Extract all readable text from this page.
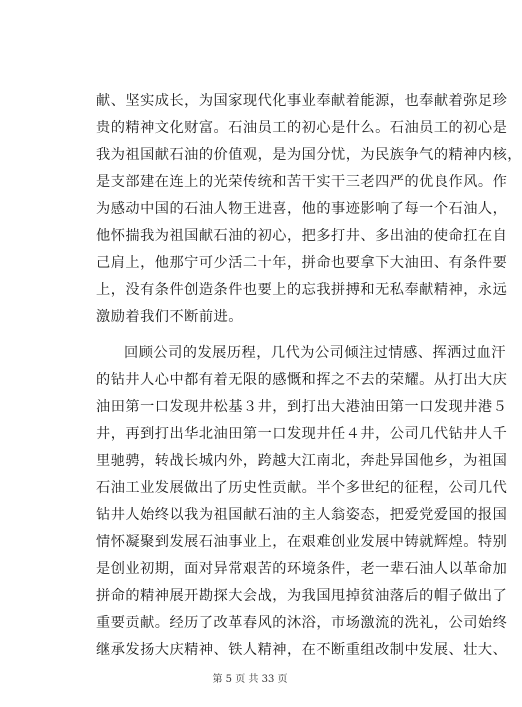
献、坚实成长，为国家现代化事业奉献着能源，也奉献着弥足珍
贵的精神文化财富。石油员工的初心是什么。石油员工的初心是
我为祖国献石油的价值观，是为国分忧，为民族争气的精神内核，
是支部建在连上的光荣传统和苦干实干三老四严的优良作风。作
为感动中国的石油人物王进喜，他的事迹影响了每一个石油人，
他怀揣我为祖国献石油的初心，把多打井、多出油的使命扛在自
己肩上，他那宁可少活二十年，拼命也要拿下大油田、有条件要
上，没有条件创造条件也要上的忘我拼搏和无私奉献精神，永远
激励着我们不断前进。
回顾公司的发展历程，几代为公司倾注过情感、挥洒过血汗
的钻井人心中都有着无限的感慨和挥之不去的荣耀。从打出大庆
油田第一口发现井松基３井，到打出大港油田第一口发现井港５
井，再到打出华北油田第一口发现井任４井，公司几代钻井人千
里驰骋，转战长城内外，跨越大江南北，奔赴异国他乡，为祖国
石油工业发展做出了历史性贡献。半个多世纪的征程，公司几代
钻井人始终以我为祖国献石油的主人翁姿态，把爱党爱国的报国
情怀凝聚到发展石油事业上，在艰难创业发展中铸就辉煌。特别
是创业初期，面对异常艰苦的环境条件，老一辈石油人以革命加
拼命的精神展开勘探大会战，为我国甩掉贫油落后的帽子做出了
重要贡献。经历了改革春风的沐浴，市场激流的洗礼，公司始终
继承发扬大庆精神、铁人精神，在不断重组改制中发展、壮大、
第 5 页 共 33 页
